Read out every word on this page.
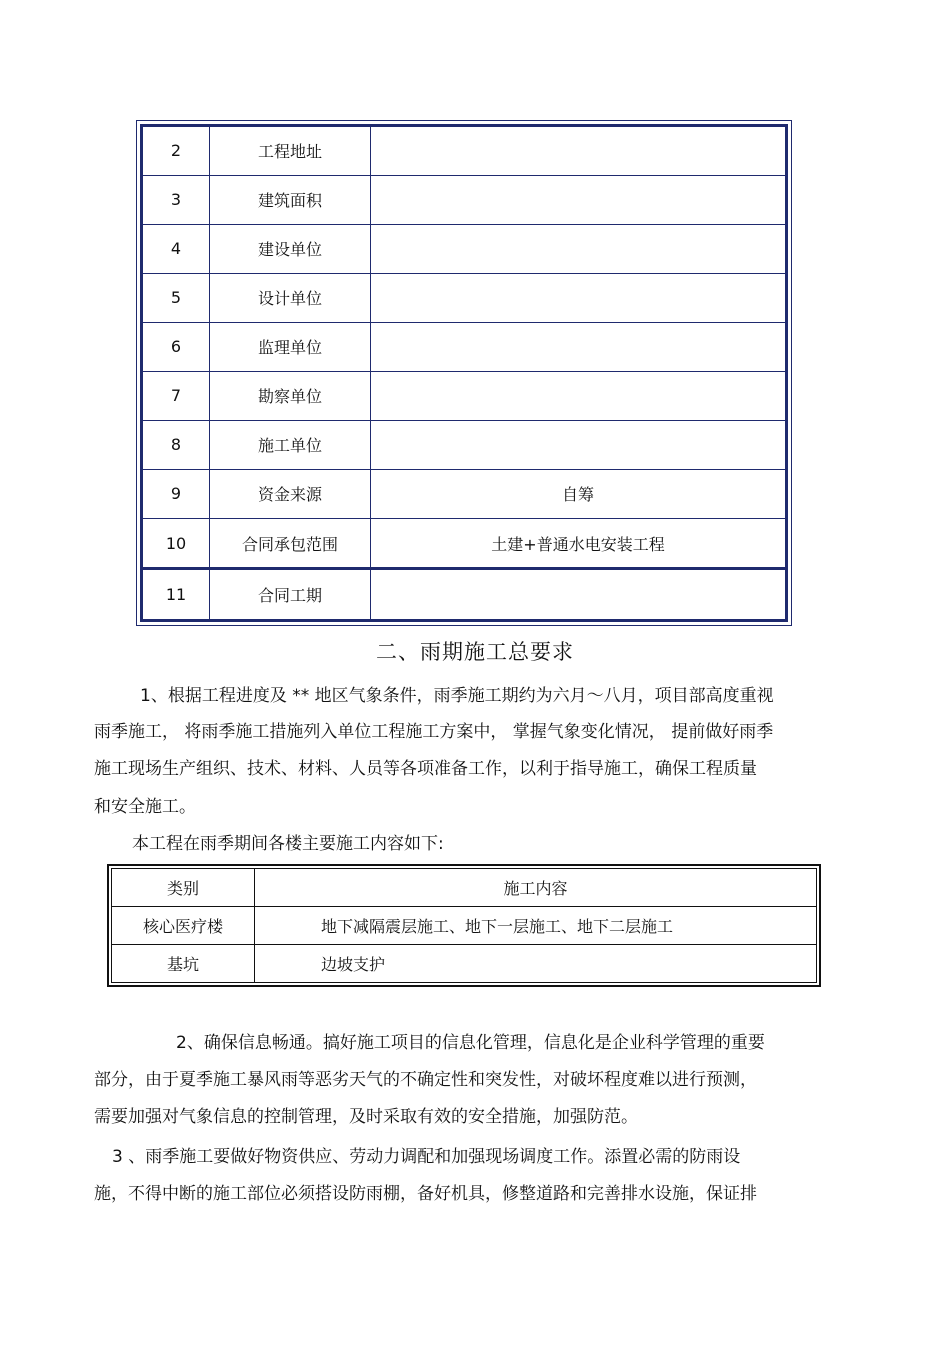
2	工程地址	
3	建筑面积	
4	建设单位	
5	设计单位	
6	监理单位	
7	勘察单位	
8	施工单位	
9	资金来源	自筹
10	合同承包范围	土建+普通水电安装工程
11	合同工期	
二、雨期施工总要求

1、根据工程进度及 ** 地区气象条件，雨季施工期约为六月～八月，项目部高度重视

雨季施工， 将雨季施工措施列入单位工程施工方案中， 掌握气象变化情况， 提前做好雨季

施工现场生产组织、技术、材料、人员等各项准备工作，以利于指导施工，确保工程质量

和安全施工。

本工程在雨季期间各楼主要施工内容如下:

类别	施工内容
核心医疗楼	地下减隔震层施工、地下一层施工、地下二层施工
基坑	边坡支护

2、确保信息畅通。搞好施工项目的信息化管理，信息化是企业科学管理的重要

部分，由于夏季施工暴风雨等恶劣天气的不确定性和突发性，对破坏程度难以进行预测，

需要加强对气象信息的控制管理，及时采取有效的安全措施，加强防范。

3 、雨季施工要做好物资供应、劳动力调配和加强现场调度工作。添置必需的防雨设

施，不得中断的施工部位必须搭设防雨棚，备好机具，修整道路和完善排水设施，保证排
